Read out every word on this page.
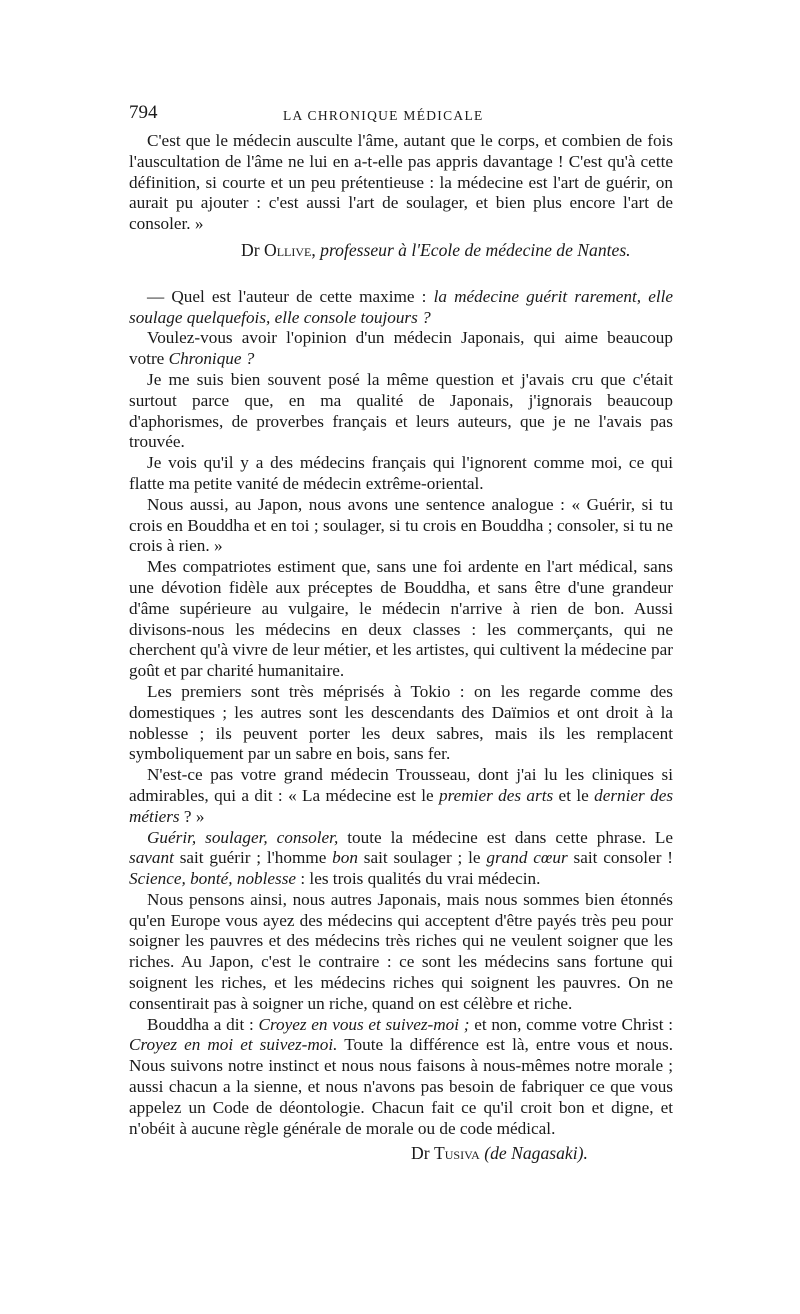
794	LA CHRONIQUE MÉDICALE

C'est que le médecin ausculte l'âme, autant que le corps, et combien de fois l'auscultation de l'âme ne lui en a-t-elle pas appris davantage ! C'est qu'à cette définition, si courte et un peu prétentieuse : la médecine est l'art de guérir, on aurait pu ajouter : c'est aussi l'art de soulager, et bien plus encore l'art de consoler. »

Dr Ollive, professeur à l'Ecole de médecine de Nantes.

— Quel est l'auteur de cette maxime : la médecine guérit rarement, elle soulage quelquefois, elle console toujours ?

Voulez-vous avoir l'opinion d'un médecin Japonais, qui aime beaucoup votre Chronique ?

Je me suis bien souvent posé la même question et j'avais cru que c'était surtout parce que, en ma qualité de Japonais, j'ignorais beaucoup d'aphorismes, de proverbes français et leurs auteurs, que je ne l'avais pas trouvée.

Je vois qu'il y a des médecins français qui l'ignorent comme moi, ce qui flatte ma petite vanité de médecin extrême-oriental.

Nous aussi, au Japon, nous avons une sentence analogue : « Guérir, si tu crois en Bouddha et en toi ; soulager, si tu crois en Bouddha ; consoler, si tu ne crois à rien. »

Mes compatriotes estiment que, sans une foi ardente en l'art médical, sans une dévotion fidèle aux préceptes de Bouddha, et sans être d'une grandeur d'âme supérieure au vulgaire, le médecin n'arrive à rien de bon. Aussi divisons-nous les médecins en deux classes : les commerçants, qui ne cherchent qu'à vivre de leur métier, et les artistes, qui cultivent la médecine par goût et par charité humanitaire.

Les premiers sont très méprisés à Tokio : on les regarde comme des domestiques ; les autres sont les descendants des Daïmios et ont droit à la noblesse ; ils peuvent porter les deux sabres, mais ils les remplacent symboliquement par un sabre en bois, sans fer.

N'est-ce pas votre grand médecin Trousseau, dont j'ai lu les cliniques si admirables, qui a dit : « La médecine est le premier des arts et le dernier des métiers ? »

Guérir, soulager, consoler, toute la médecine est dans cette phrase. Le savant sait guérir ; l'homme bon sait soulager ; le grand cœur sait consoler ! Science, bonté, noblesse : les trois qualités du vrai médecin.

Nous pensons ainsi, nous autres Japonais, mais nous sommes bien étonnés qu'en Europe vous ayez des médecins qui acceptent d'être payés très peu pour soigner les pauvres et des médecins très riches qui ne veulent soigner que les riches. Au Japon, c'est le contraire : ce sont les médecins sans fortune qui soignent les riches, et les médecins riches qui soignent les pauvres. On ne consentirait pas à soigner un riche, quand on est célèbre et riche.

Bouddha a dit : Croyez en vous et suivez-moi ; et non, comme votre Christ : Croyez en moi et suivez-moi. Toute la différence est là, entre vous et nous. Nous suivons notre instinct et nous nous faisons à nous-mêmes notre morale ; aussi chacun a la sienne, et nous n'avons pas besoin de fabriquer ce que vous appelez un Code de déontologie. Chacun fait ce qu'il croit bon et digne, et n'obéit à aucune règle générale de morale ou de code médical.

Dr Tusiva (de Nagasaki).
